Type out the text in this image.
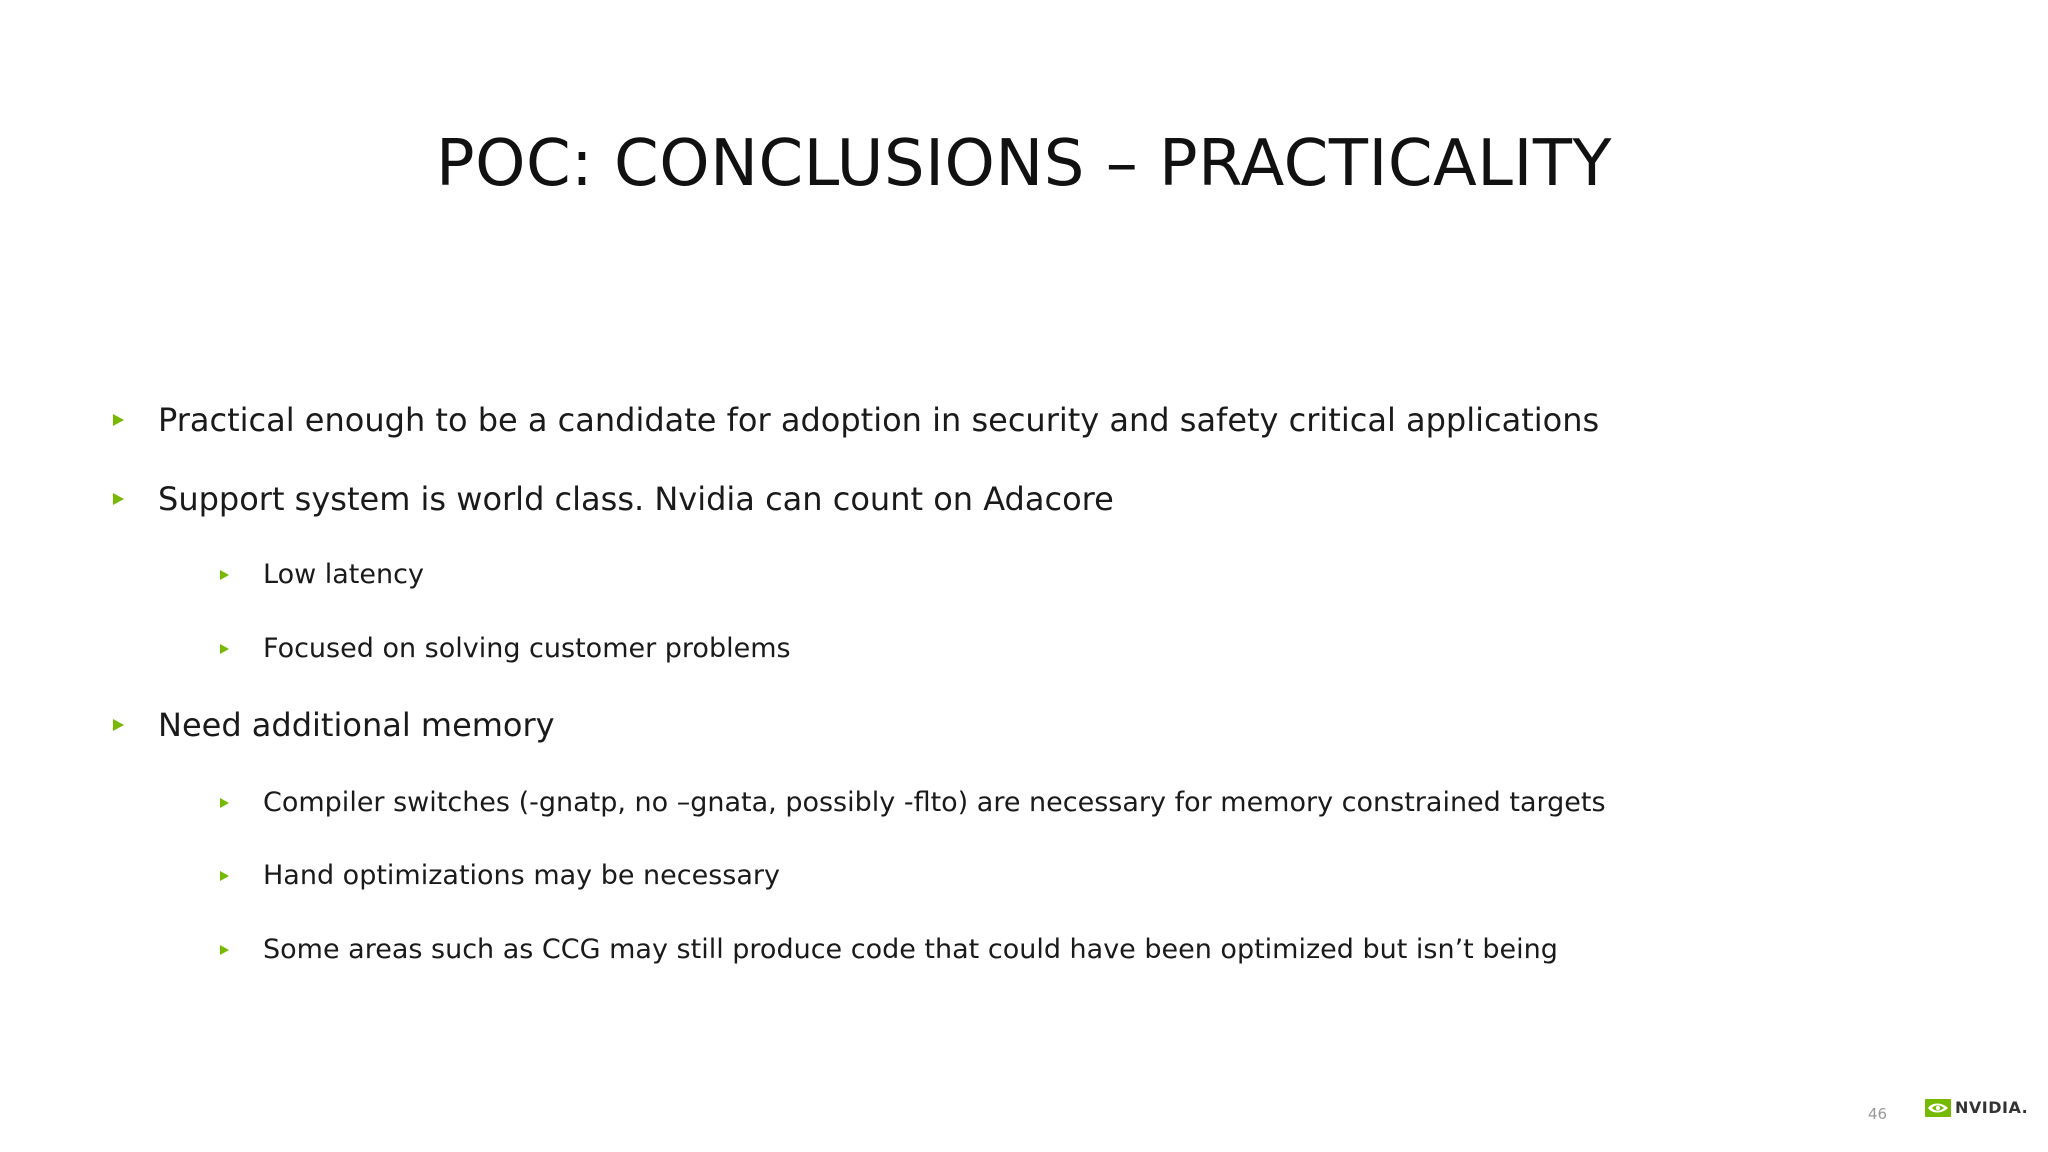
POC: CONCLUSIONS – PRACTICALITY
Practical enough to be a candidate for adoption in security and safety critical applications
Support system is world class. Nvidia can count on Adacore
Low latency
Focused on solving customer problems
Need additional memory
Compiler switches (-gnatp, no –gnata, possibly -flto) are necessary for memory constrained targets
Hand optimizations may be necessary
Some areas such as CCG may still produce code that could have been optimized but isn’t being
46	NVIDIA.
